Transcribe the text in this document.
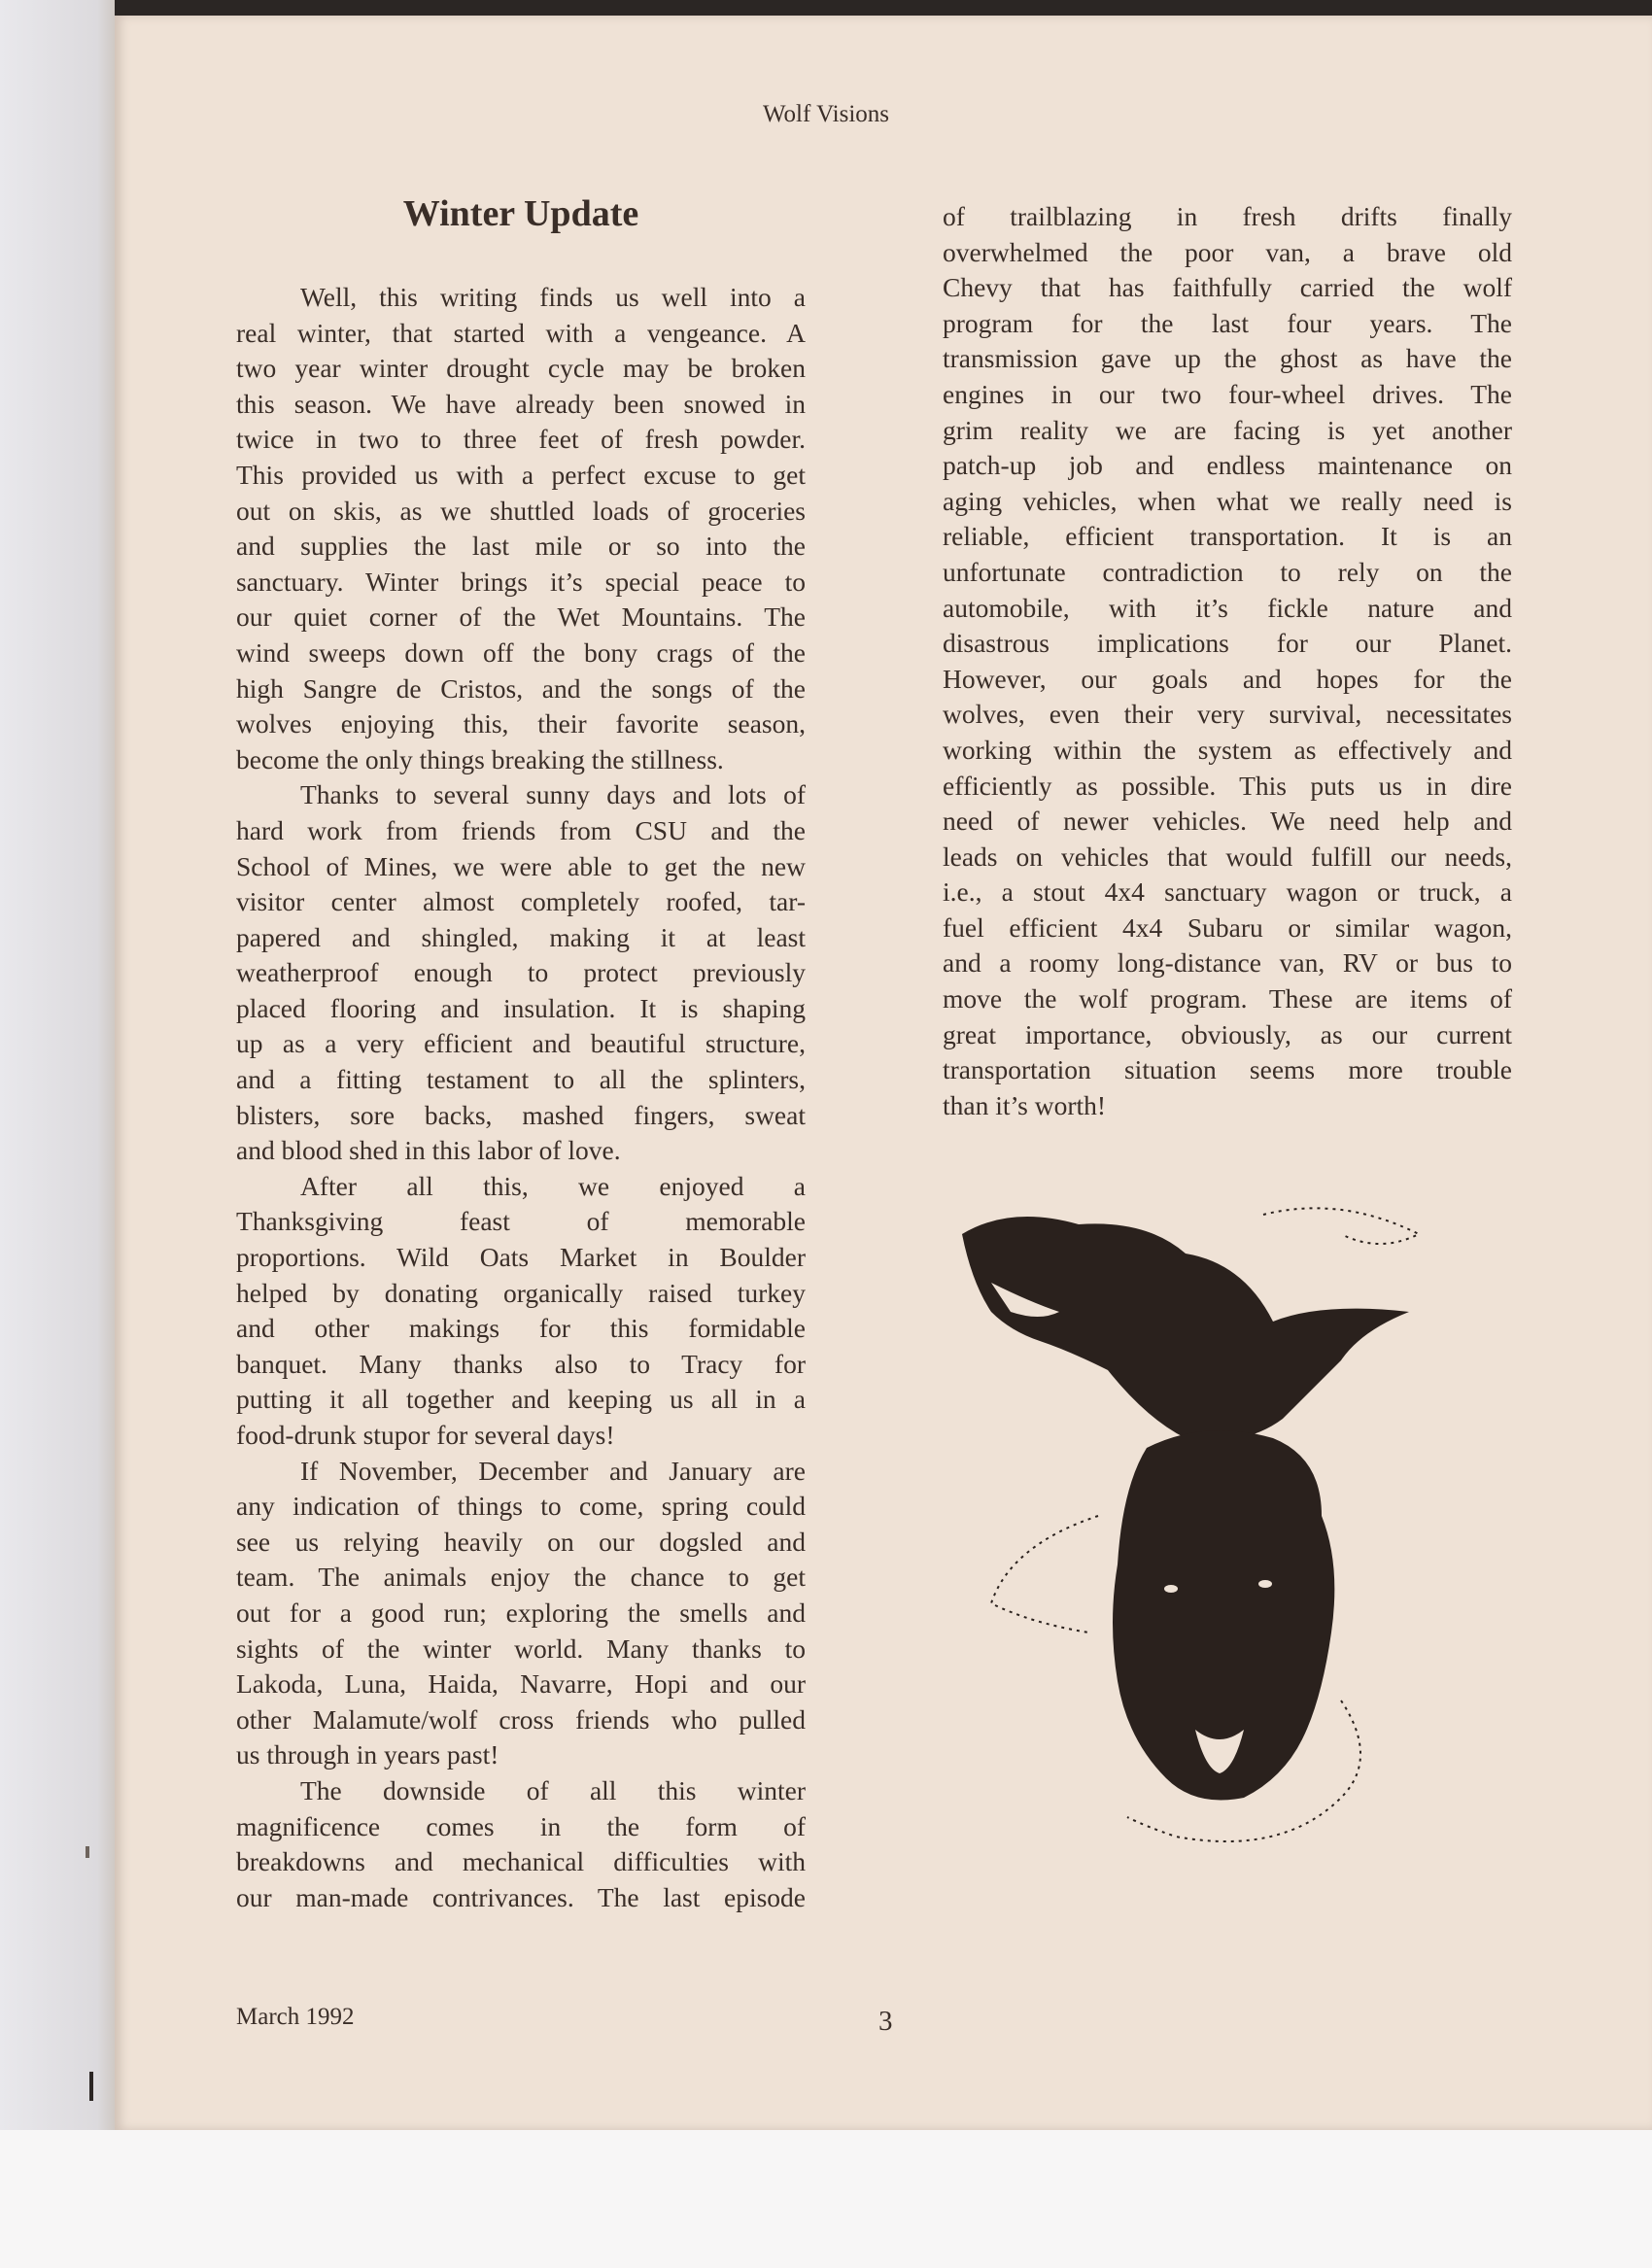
Wolf Visions
Winter Update
Well, this writing finds us well into a
real winter, that started with a vengeance. A
two year winter drought cycle may be broken
this season. We have already been snowed in
twice in two to three feet of fresh powder.
This provided us with a perfect excuse to get
out on skis, as we shuttled loads of groceries
and supplies the last mile or so into the
sanctuary. Winter brings it’s special peace to
our quiet corner of the Wet Mountains. The
wind sweeps down off the bony crags of the
high Sangre de Cristos, and the songs of the
wolves enjoying this, their favorite season,
become the only things breaking the stillness.
Thanks to several sunny days and lots of
hard work from friends from CSU and the
School of Mines, we were able to get the new
visitor center almost completely roofed, tar-
papered and shingled, making it at least
weatherproof enough to protect previously
placed flooring and insulation. It is shaping
up as a very efficient and beautiful structure,
and a fitting testament to all the splinters,
blisters, sore backs, mashed fingers, sweat
and blood shed in this labor of love.
After all this, we enjoyed a
Thanksgiving feast of memorable
proportions. Wild Oats Market in Boulder
helped by donating organically raised turkey
and other makings for this formidable
banquet. Many thanks also to Tracy for
putting it all together and keeping us all in a
food-drunk stupor for several days!
If November, December and January are
any indication of things to come, spring could
see us relying heavily on our dogsled and
team. The animals enjoy the chance to get
out for a good run; exploring the smells and
sights of the winter world. Many thanks to
Lakoda, Luna, Haida, Navarre, Hopi and our
other Malamute/wolf cross friends who pulled
us through in years past!
The downside of all this winter
magnificence comes in the form of
breakdowns and mechanical difficulties with
our man-made contrivances. The last episode
of trailblazing in fresh drifts finally
overwhelmed the poor van, a brave old
Chevy that has faithfully carried the wolf
program for the last four years. The
transmission gave up the ghost as have the
engines in our two four-wheel drives. The
grim reality we are facing is yet another
patch-up job and endless maintenance on
aging vehicles, when what we really need is
reliable, efficient transportation. It is an
unfortunate contradiction to rely on the
automobile, with it’s fickle nature and
disastrous implications for our Planet.
However, our goals and hopes for the
wolves, even their very survival, necessitates
working within the system as effectively and
efficiently as possible. This puts us in dire
need of newer vehicles. We need help and
leads on vehicles that would fulfill our needs,
i.e., a stout 4x4 sanctuary wagon or truck, a
fuel efficient 4x4 Subaru or similar wagon,
and a roomy long-distance van, RV or bus to
move the wolf program. These are items of
great importance, obviously, as our current
transportation situation seems more trouble
than it’s worth!
March 1992	3
